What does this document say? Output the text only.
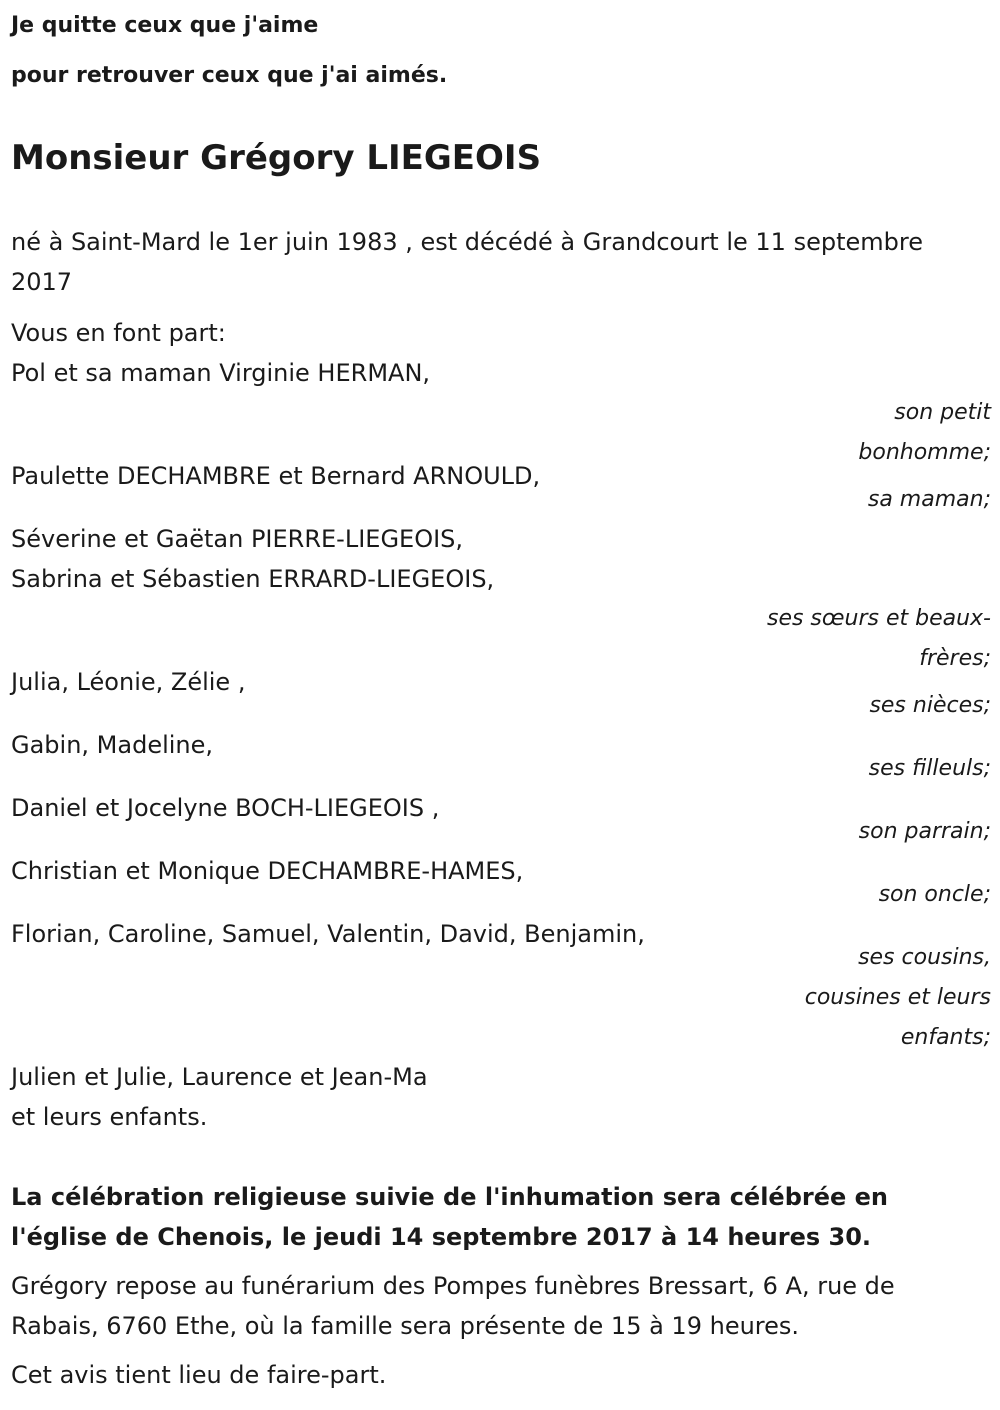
Je quitte ceux que j'aime

pour retrouver ceux que j'ai aimés.

Monsieur Grégory LIEGEOIS

né à Saint-Mard le 1er juin 1983 , est décédé à Grandcourt le 11 septembre 2017

Vous en font part:

Pol et sa maman Virginie HERMAN,
son petit
bonhomme;
Paulette DECHAMBRE et Bernard ARNOULD,
sa maman;
Séverine et Gaëtan PIERRE-LIEGEOIS,
Sabrina et Sébastien ERRARD-LIEGEOIS,
ses sœurs et beaux-
frères;
Julia, Léonie, Zélie ,
ses nièces;
Gabin, Madeline,
ses filleuls;
Daniel et Jocelyne BOCH-LIEGEOIS ,
son parrain;
Christian et Monique DECHAMBRE-HAMES,
son oncle;
Florian, Caroline, Samuel, Valentin, David, Benjamin,
ses cousins,
cousines et leurs
enfants;
Julien et Julie, Laurence et Jean-Ma
et leurs enfants.

La célébration religieuse suivie de l'inhumation sera célébrée en l'église de Chenois, le jeudi 14 septembre 2017 à 14 heures 30.

Grégory repose au funérarium des Pompes funèbres Bressart, 6 A, rue de Rabais, 6760 Ethe, où la famille sera présente de 15 à 19 heures.

Cet avis tient lieu de faire-part.
